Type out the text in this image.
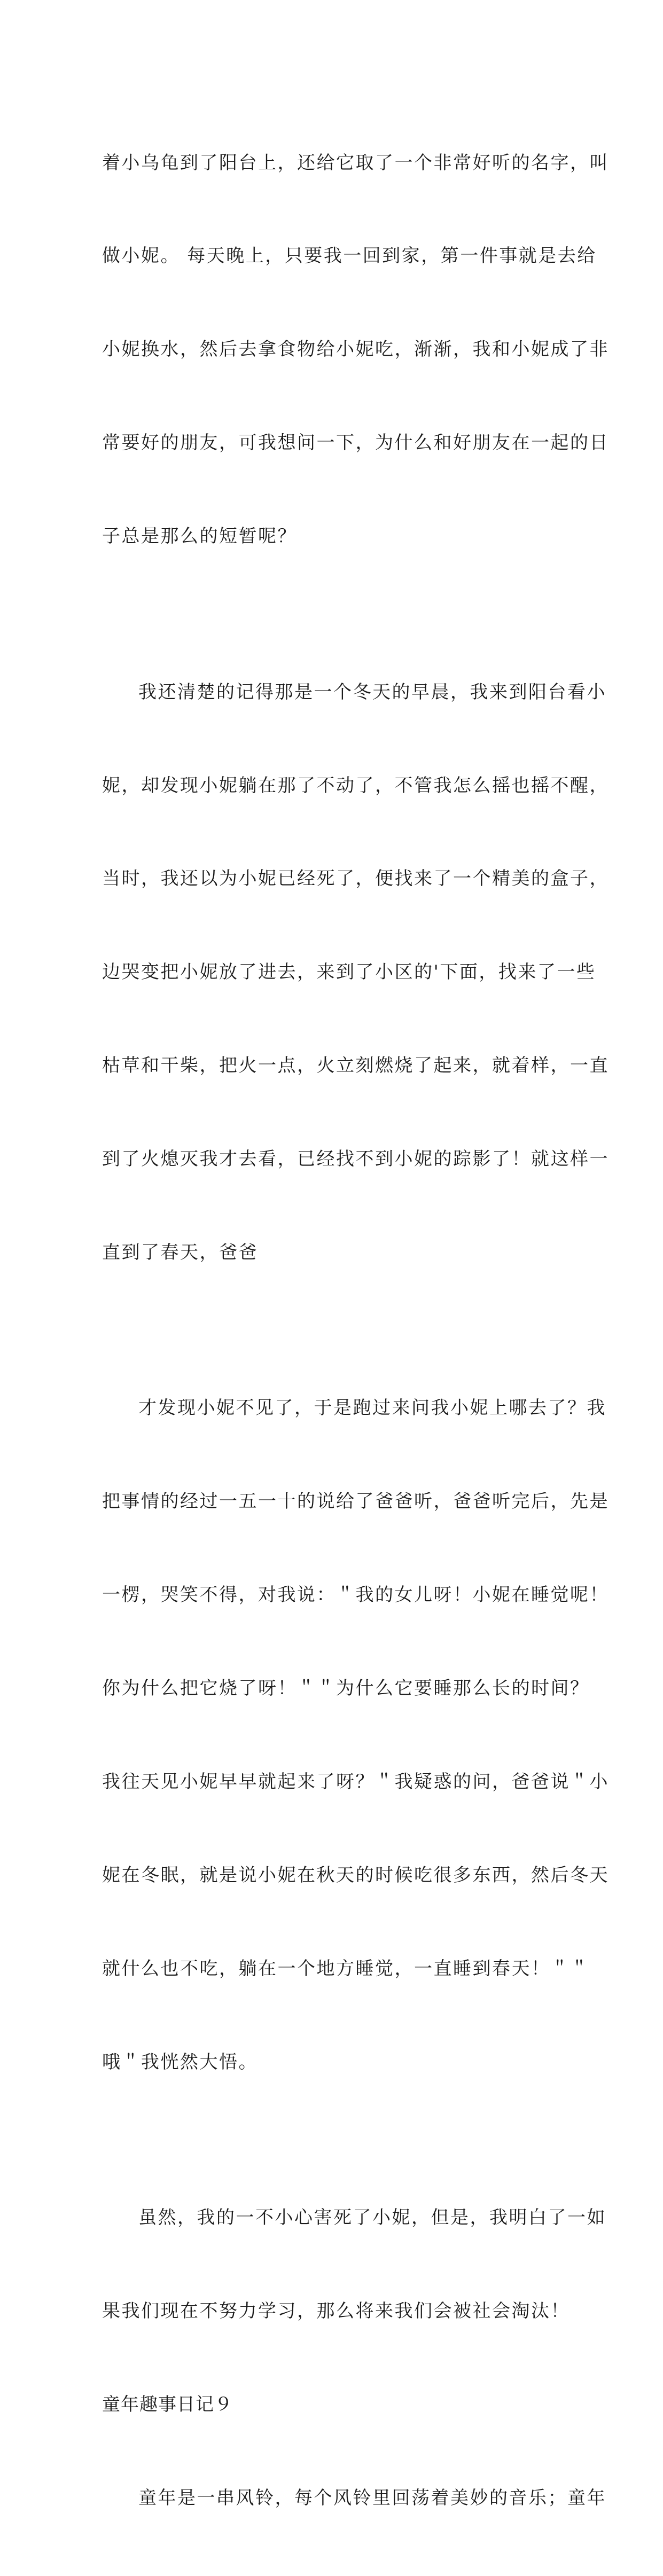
着小乌龟到了阳台上，还给它取了一个非常好听的名字，叫

做小妮。 每天晚上，只要我一回到家，第一件事就是去给

小妮换水，然后去拿食物给小妮吃，渐渐，我和小妮成了非

常要好的朋友，可我想问一下，为什么和好朋友在一起的日

子总是那么的短暂呢？

我还清楚的记得那是一个冬天的早晨，我来到阳台看小

妮，却发现小妮躺在那了不动了，不管我怎么摇也摇不醒，

当时，我还以为小妮已经死了，便找来了一个精美的盒子，

边哭变把小妮放了进去，来到了小区的'下面，找来了一些

枯草和干柴，把火一点，火立刻燃烧了起来，就着样，一直

到了火熄灭我才去看，已经找不到小妮的踪影了！就这样一

直到了春天，爸爸

才发现小妮不见了，于是跑过来问我小妮上哪去了？我

把事情的经过一五一十的说给了爸爸听，爸爸听完后，先是

一楞，哭笑不得，对我说：＂我的女儿呀！小妮在睡觉呢！

你为什么把它烧了呀！＂＂为什么它要睡那么长的时间？

我往天见小妮早早就起来了呀？＂我疑惑的问，爸爸说＂小

妮在冬眠，就是说小妮在秋天的时候吃很多东西，然后冬天

就什么也不吃，躺在一个地方睡觉，一直睡到春天！＂＂

哦＂我恍然大悟。

虽然，我的一不小心害死了小妮，但是，我明白了一如

果我们现在不努力学习，那么将来我们会被社会淘汰！

童年趣事日记９

童年是一串风铃，每个风铃里回荡着美妙的音乐；童年
